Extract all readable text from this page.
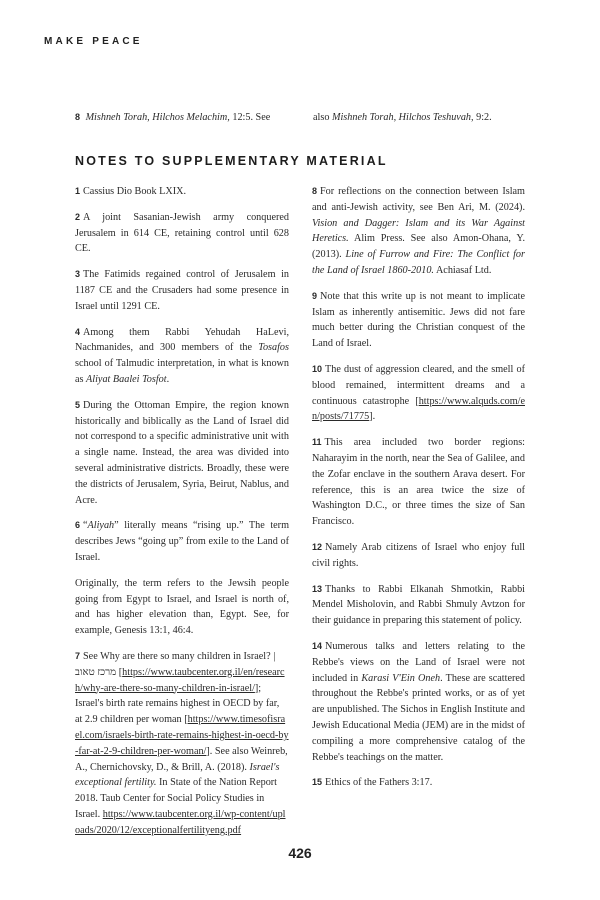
MAKE PEACE
8 Mishneh Torah, Hilchos Melachim, 12:5. See	also Mishneh Torah, Hilchos Teshuvah, 9:2.
NOTES TO SUPPLEMENTARY MATERIAL

1 Cassius Dio Book LXIX.

2 A joint Sasanian-Jewish army conquered Jerusalem in 614 CE, retaining control until 628 CE.

3 The Fatimids regained control of Jerusalem in 1187 CE and the Crusaders had some presence in Israel until 1291 CE.

4 Among them Rabbi Yehudah HaLevi, Nachmanides, and 300 members of the Tosafos school of Talmudic interpretation, in what is known as Aliyat Baalei Tosfot.

5 During the Ottoman Empire, the region known historically and biblically as the Land of Israel did not correspond to a specific administrative unit with a single name. Instead, the area was divided into several administrative districts. Broadly, these were the districts of Jerusalem, Syria, Beirut, Nablus, and Acre.

6 “Aliyah” literally means “rising up.” The term describes Jews “going up” from exile to the Land of Israel.

Originally, the term refers to the Jewsih people going from Egypt to Israel, and Israel is north of, and has higher elevation than, Egypt. See, for example, Genesis 13:1, 46:4.

7 See Why are there so many children in Israel? | מרכז טאוב [https://www.taubcenter.org.il/en/research/why-are-there-so-many-children-in-israel/]; Israel's birth rate remains highest in OECD by far, at 2.9 children per woman [https://www.timesofisrael.com/israels-birth-rate-remains-highest-in-oecd-by-far-at-2-9-children-per-woman/]. See also Weinreb, A., Chernichovsky, D., & Brill, A. (2018). Israel's exceptional fertility. In State of the Nation Report 2018. Taub Center for Social Policy Studies in Israel. https://www.taubcenter.org.il/wp-content/uploads/2020/12/exceptionalfertilityeng.pdf

8 For reflections on the connection between Islam and anti-Jewish activity, see Ben Ari, M. (2024). Vision and Dagger: Islam and its War Against Heretics. Alim Press. See also Amon-Ohana, Y. (2013). Line of Furrow and Fire: The Conflict for the Land of Israel 1860-2010. Achiasaf Ltd.

9 Note that this write up is not meant to implicate Islam as inherently antisemitic. Jews did not fare much better during the Christian conquest of the Land of Israel.

10 The dust of aggression cleared, and the smell of blood remained, intermittent dreams and a continuous catastrophe [https://www.alquds.com/en/posts/71775].

11 This area included two border regions: Naharayim in the north, near the Sea of Galilee, and the Zofar enclave in the southern Arava desert. For reference, this is an area twice the size of Washington D.C., or three times the size of San Francisco.

12 Namely Arab citizens of Israel who enjoy full civil rights.

13 Thanks to Rabbi Elkanah Shmotkin, Rabbi Mendel Misholovin, and Rabbi Shmuly Avtzon for their guidance in preparing this statement of policy.

14 Numerous talks and letters relating to the Rebbe's views on the Land of Israel were not included in Karasi V'Ein Oneh. These are scattered throughout the Rebbe's printed works, or as of yet are unpublished. The Sichos in English Institute and Jewish Educational Media (JEM) are in the midst of compiling a more comprehensive catalog of the Rebbe's teachings on the matter.

15 Ethics of the Fathers 3:17.

426
